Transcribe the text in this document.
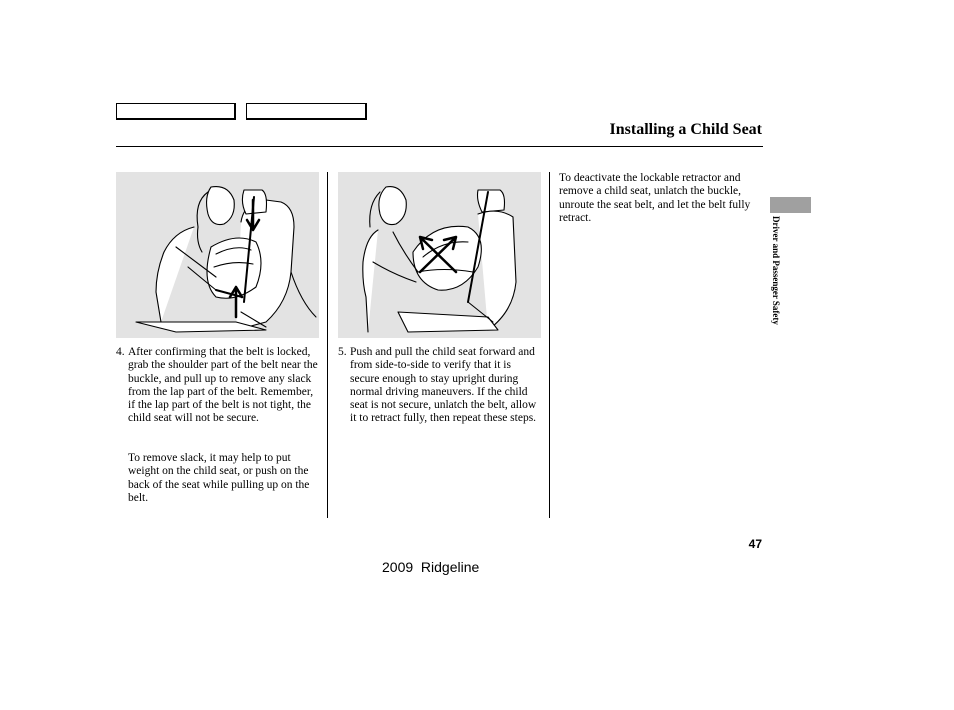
Installing a Child Seat
4. After confirming that the belt is locked, grab the shoulder part of the belt near the buckle, and pull up to remove any slack from the lap part of the belt. Remember, if the lap part of the belt is not tight, the child seat will not be secure.
To remove slack, it may help to put weight on the child seat, or push on the back of the seat while pulling up on the belt.
5. Push and pull the child seat forward and from side-to-side to verify that it is secure enough to stay upright during normal driving maneuvers. If the child seat is not secure, unlatch the belt, allow it to retract fully, then repeat these steps.
To deactivate the lockable retractor and remove a child seat, unlatch the buckle, unroute the seat belt, and let the belt fully retract.	Driver and Passenger Safety
47
2009  Ridgeline
